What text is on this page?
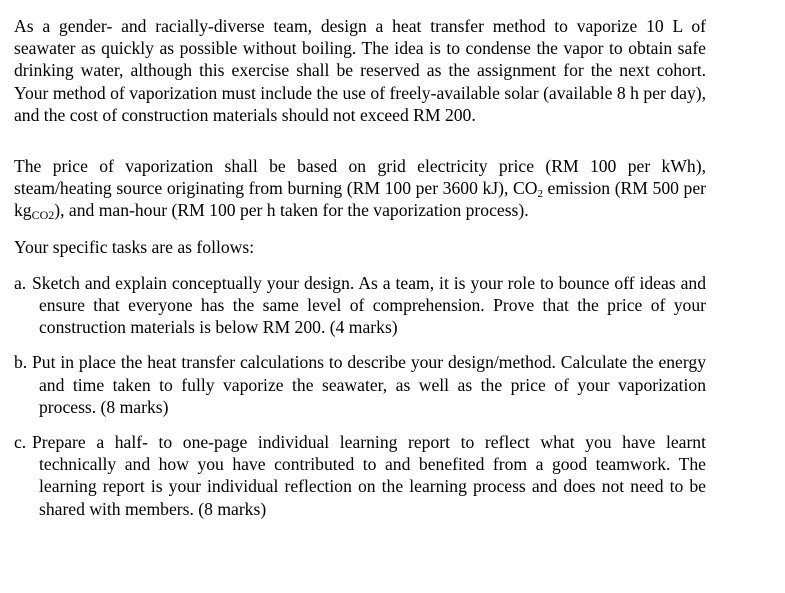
As a gender- and racially-diverse team, design a heat transfer method to vaporize 10 L of seawater as quickly as possible without boiling. The idea is to condense the vapor to obtain safe drinking water, although this exercise shall be reserved as the assignment for the next cohort. Your method of vaporization must include the use of freely-available solar (available 8 h per day), and the cost of construction materials should not exceed RM 200.

The price of vaporization shall be based on grid electricity price (RM 100 per kWh), steam/heating source originating from burning (RM 100 per 3600 kJ), $CO_2$ emission (RM 500 per $kg_{CO2}$), and man-hour (RM 100 per h taken for the vaporization process).

Your specific tasks are as follows:

a. Sketch and explain conceptually your design. As a team, it is your role to bounce off ideas and ensure that everyone has the same level of comprehension. Prove that the price of your construction materials is below RM 200. (4 marks)

b. Put in place the heat transfer calculations to describe your design/method. Calculate the energy and time taken to fully vaporize the seawater, as well as the price of your vaporization process. (8 marks)

c. Prepare a half- to one-page individual learning report to reflect what you have learnt technically and how you have contributed to and benefited from a good teamwork. The learning report is your individual reflection on the learning process and does not need to be shared with members. (8 marks)
